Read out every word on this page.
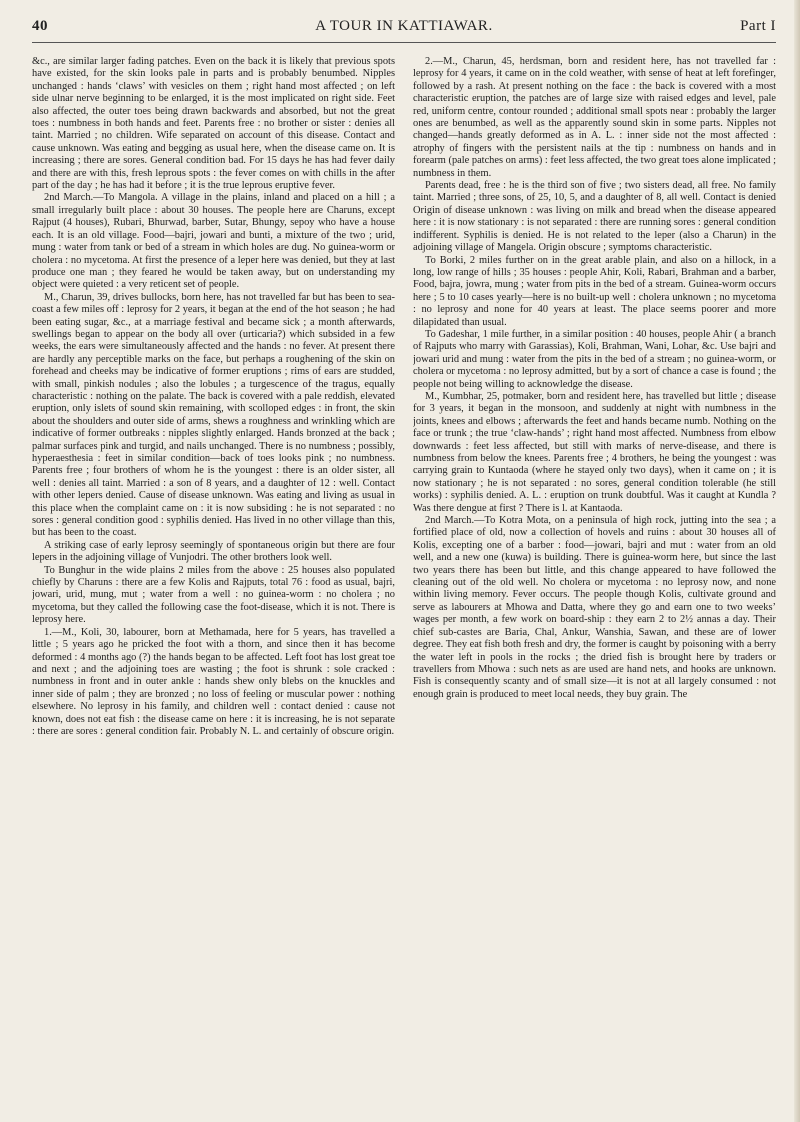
40	A TOUR IN KATTIAWAR.	Part I

&c., are similar larger fading patches. Even on the back it is likely that previous spots have existed, for the skin looks pale in parts and is probably benumbed. Nipples unchanged : hands ‘claws’ with vesicles on them ; right hand most affected ; on left side ulnar nerve beginning to be enlarged, it is the most implicated on right side. Feet also affected, the outer toes being drawn backwards and absorbed, but not the great toes : numbness in both hands and feet. Parents free : no brother or sister : denies all taint. Married ; no children. Wife separated on account of this disease. Contact and cause unknown. Was eating and begging as usual here, when the disease came on. It is increasing ; there are sores. General condition bad. For 15 days he has had fever daily and there are with this, fresh leprous spots : the fever comes on with chills in the after part of the day ; he has had it before ; it is the true leprous eruptive fever.

2nd March.—To Mangola. A village in the plains, inland and placed on a hill ; a small irregularly built place : about 30 houses. The people here are Charuns, except Rajput (4 houses), Rubari, Bhurwad, barber, Sutar, Bhungy, sepoy who have a house each. It is an old village. Food—bajri, jowari and bunti, a mixture of the two ; urid, mung : water from tank or bed of a stream in which holes are dug. No guinea-worm or cholera : no mycetoma. At first the presence of a leper here was denied, but they at last produce one man ; they feared he would be taken away, but on understanding my object were quieted : a very reticent set of people.

M., Charun, 39, drives bullocks, born here, has not travelled far but has been to sea-coast a few miles off : leprosy for 2 years, it began at the end of the hot season ; he had been eating sugar, &c., at a marriage festival and became sick ; a month afterwards, swellings began to appear on the body all over (urticaria?) which subsided in a few weeks, the ears were simultaneously affected and the hands : no fever. At present there are hardly any perceptible marks on the face, but perhaps a roughening of the skin on forehead and cheeks may be indicative of former eruptions ; rims of ears are studded, with small, pinkish nodules ; also the lobules ; a turgescence of the tragus, equally characteristic : nothing on the palate. The back is covered with a pale reddish, elevated eruption, only islets of sound skin remaining, with scolloped edges : in front, the skin about the shoulders and outer side of arms, shews a roughness and wrinkling which are indicative of former outbreaks : nipples slightly enlarged. Hands bronzed at the back ; palmar surfaces pink and turgid, and nails unchanged. There is no numbness ; possibly, hyperaesthesia : feet in similar condition—back of toes looks pink ; no numbness. Parents free ; four brothers of whom he is the youngest : there is an older sister, all well : denies all taint. Married : a son of 8 years, and a daughter of 12 : well. Contact with other lepers denied. Cause of disease unknown. Was eating and living as usual in this place when the complaint came on : it is now subsiding : he is not separated : no sores : general condition good : syphilis denied. Has lived in no other village than this, but has been to the coast.

A striking case of early leprosy seemingly of spontaneous origin but there are four lepers in the adjoining village of Vunjodri. The other brothers look well.

To Bunghur in the wide plains 2 miles from the above : 25 houses also populated chiefly by Charuns : there are a few Kolis and Rajputs, total 76 : food as usual, bajri, jowari, urid, mung, mut ; water from a well : no guinea-worm : no cholera ; no mycetoma, but they called the following case the foot-disease, which it is not. There is leprosy here.

1.—M., Koli, 30, labourer, born at Methamada, here for 5 years, has travelled a little ; 5 years ago he pricked the foot with a thorn, and since then it has become deformed : 4 months ago (?) the hands began to be affected. Left foot has lost great toe and next ; and the adjoining toes are wasting ; the foot is shrunk : sole cracked : numbness in front and in outer ankle : hands shew only blebs on the knuckles and inner side of palm ; they are bronzed ; no loss of feeling or muscular power : nothing elsewhere. No leprosy in his family, and children well : contact denied : cause not known, does not eat fish : the disease came on here : it is increasing, he is not separate : there are sores : general condition fair. Probably N. L. and certainly of obscure origin.

2.—M., Charun, 45, herdsman, born and resident here, has not travelled far : leprosy for 4 years, it came on in the cold weather, with sense of heat at left forefinger, followed by a rash. At present nothing on the face : the back is covered with a most characteristic eruption, the patches are of large size with raised edges and level, pale red, uniform centre, contour rounded ; additional small spots near : probably the larger ones are benumbed, as well as the apparently sound skin in some parts. Nipples not changed—hands greatly deformed as in A. L. : inner side not the most affected : atrophy of fingers with the persistent nails at the tip : numbness on hands and in forearm (pale patches on arms) : feet less affected, the two great toes alone implicated ; numbness in them.

Parents dead, free : he is the third son of five ; two sisters dead, all free. No family taint. Married ; three sons, of 25, 10, 5, and a daughter of 8, all well. Contact is denied Origin of disease unknown : was living on milk and bread when the disease appeared here : it is now stationary : is not separated : there are running sores : general condition indifferent. Syphilis is denied. He is not related to the leper (also a Charun) in the adjoining village of Mangela. Origin obscure ; symptoms characteristic.

To Borki, 2 miles further on in the great arable plain, and also on a hillock, in a long, low range of hills ; 35 houses : people Ahir, Koli, Rabari, Brahman and a barber, Food, bajra, jowra, mung ; water from pits in the bed of a stream. Guinea-worm occurs here ; 5 to 10 cases yearly—here is no built-up well : cholera unknown ; no mycetoma : no leprosy and none for 40 years at least. The place seems poorer and more dilapidated than usual.

To Gadeshar, 1 mile further, in a similar position : 40 houses, people Ahir ( a branch of Rajputs who marry with Garassias), Koli, Brahman, Wani, Lohar, &c. Use bajri and jowari urid and mung : water from the pits in the bed of a stream ; no guinea-worm, or cholera or mycetoma : no leprosy admitted, but by a sort of chance a case is found ; the people not being willing to acknowledge the disease.

M., Kumbhar, 25, potmaker, born and resident here, has travelled but little ; disease for 3 years, it began in the monsoon, and suddenly at night with numbness in the joints, knees and elbows ; afterwards the feet and hands became numb. Nothing on the face or trunk ; the true ‘claw-hands’ ; right hand most affected. Numbness from elbow downwards : feet less affected, but still with marks of nerve-disease, and there is numbness from below the knees. Parents free ; 4 brothers, he being the youngest : was carrying grain to Kuntaoda (where he stayed only two days), when it came on ; it is now stationary ; he is not separated : no sores, general condition tolerable (he still works) : syphilis denied. A. L. : eruption on trunk doubtful. Was it caught at Kundla ? Was there dengue at first ? There is l. at Kantaoda.

2nd March.—To Kotra Mota, on a peninsula of high rock, jutting into the sea ; a fortified place of old, now a collection of hovels and ruins : about 30 houses all of Kolis, excepting one of a barber : food—jowari, bajri and mut : water from an old well, and a new one (kuwa) is building. There is guinea-worm here, but since the last two years there has been but little, and this change appeared to have followed the cleaning out of the old well. No cholera or mycetoma : no leprosy now, and none within living memory. Fever occurs. The people though Kolis, cultivate ground and serve as labourers at Mhowa and Datta, where they go and earn one to two weeks’ wages per month, a few work on board-ship : they earn 2 to 2½ annas a day. Their chief sub-castes are Baria, Chal, Ankur, Wanshia, Sawan, and these are of lower degree. They eat fish both fresh and dry, the former is caught by poisoning with a berry the water left in pools in the rocks ; the dried fish is brought here by traders or travellers from Mhowa : such nets as are used are hand nets, and hooks are unknown. Fish is consequently scanty and of small size—it is not at all largely consumed : not enough grain is produced to meet local needs, they buy grain. The
